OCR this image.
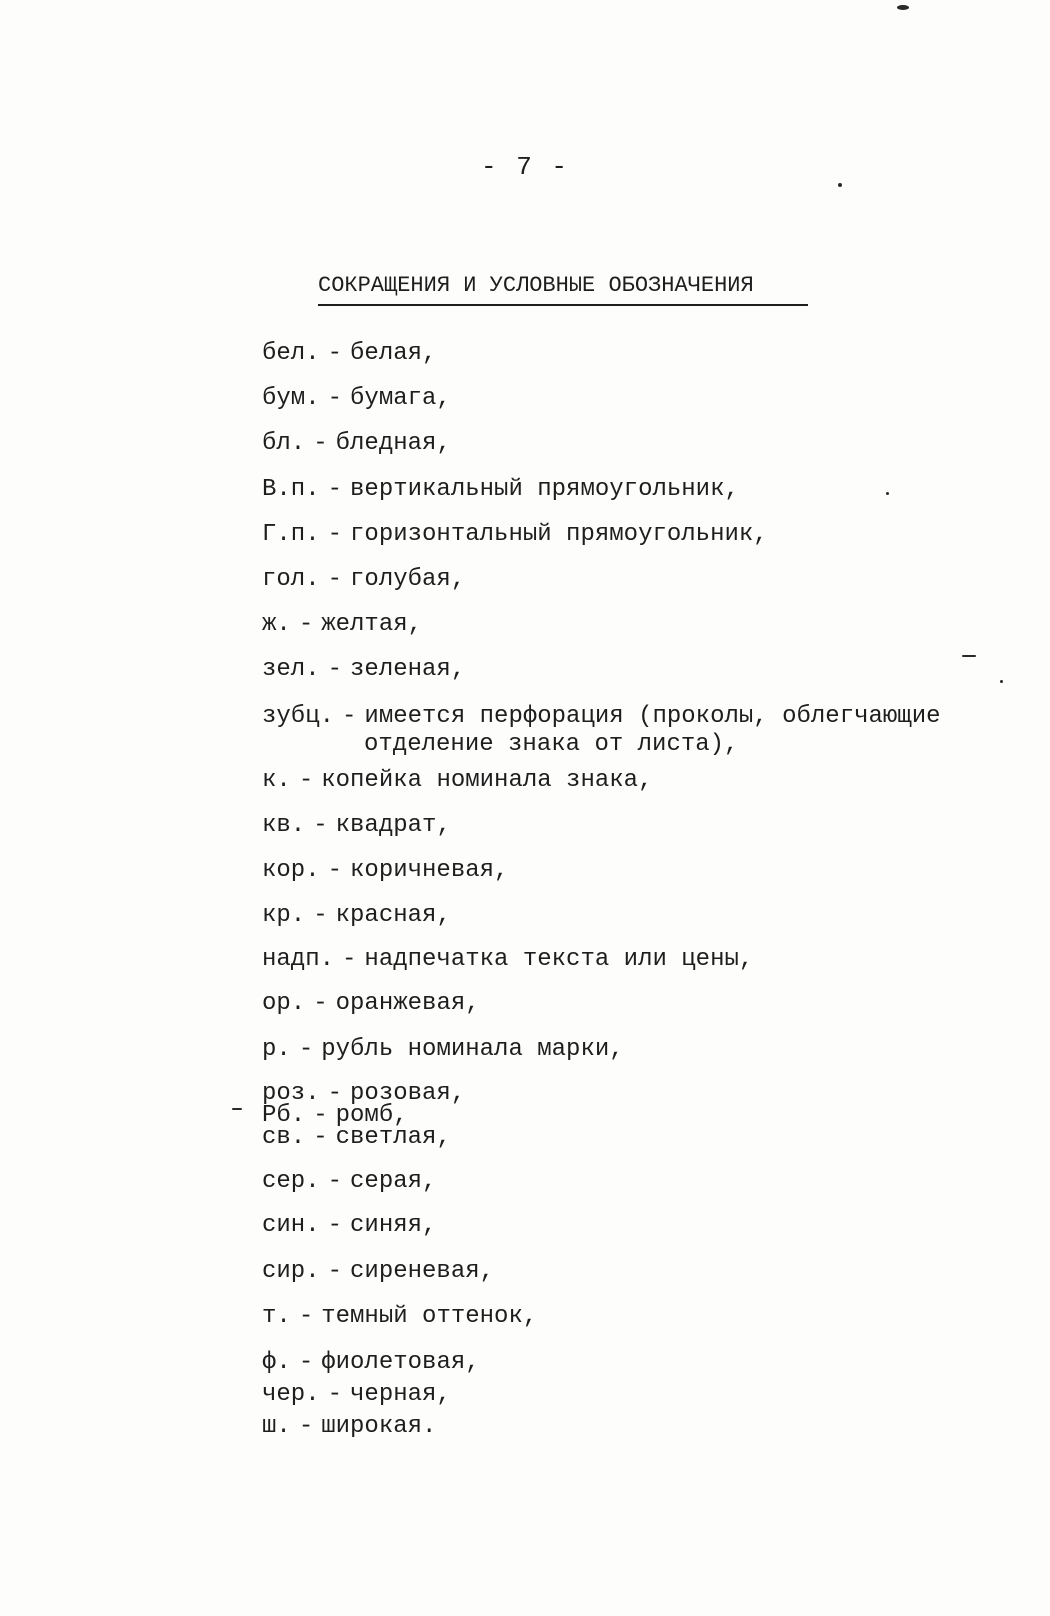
- 7 -
СОКРАЩЕНИЯ И УСЛОВНЫЕ ОБОЗНАЧЕНИЯ
бел. - белая,
бум. - бумага,
бл. - бледная,
В.п. - вертикальный прямоугольник,
Г.п. - горизонтальный прямоугольник,
гол. - голубая,
ж. - желтая,
зел. - зеленая,
зубц. - имеется перфорация (проколы, облегчающие
отделение знака от листа),
к. - копейка номинала знака,
кв. - квадрат,
кор. - коричневая,
кр. - красная,
надп. - надпечатка текста или цены,
ор. - оранжевая,
р. - рубль номинала марки,
роз. - розовая,
Рб. - ромб,
св. - светлая,
сер. - серая,
син. - синяя,
сир. - сиреневая,
т. - темный оттенок,
ф. - фиолетовая,
чер. - черная,
ш. - широкая.
